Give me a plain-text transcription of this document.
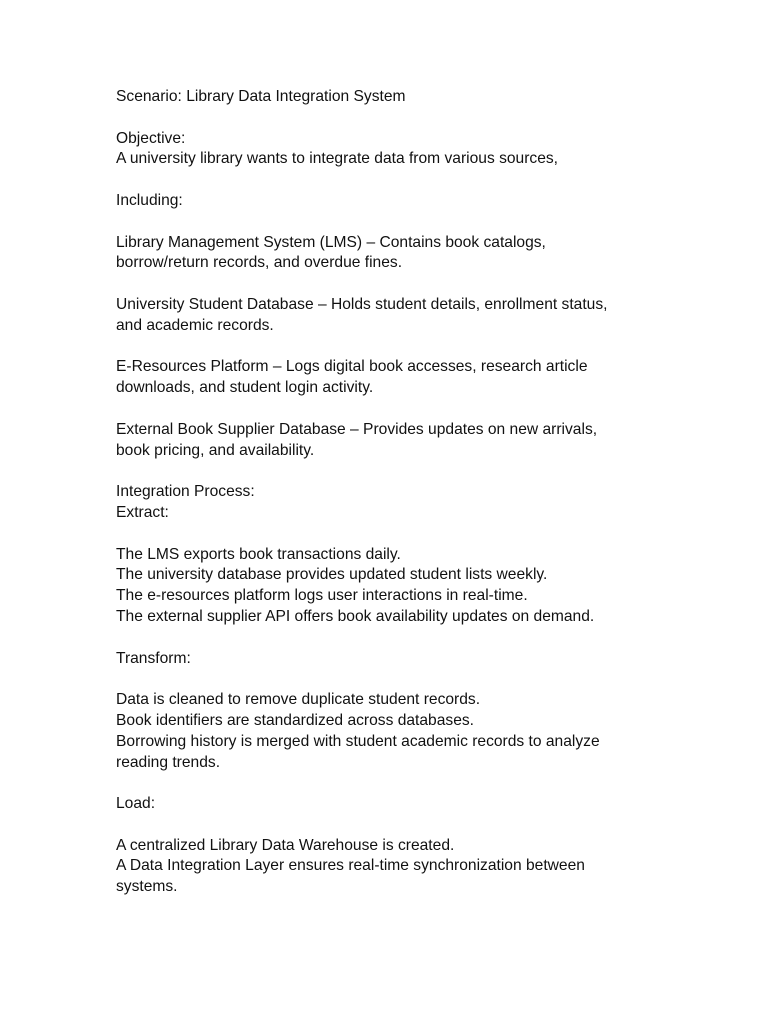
Scenario: Library Data Integration System
Objective:
A university library wants to integrate data from various sources,
Including:
Library Management System (LMS) – Contains book catalogs,
borrow/return records, and overdue fines.
University Student Database – Holds student details, enrollment status,
and academic records.
E-Resources Platform – Logs digital book accesses, research article
downloads, and student login activity.
External Book Supplier Database – Provides updates on new arrivals,
book pricing, and availability.
Integration Process:
Extract:
The LMS exports book transactions daily.
The university database provides updated student lists weekly.
The e-resources platform logs user interactions in real-time.
The external supplier API offers book availability updates on demand.
Transform:
Data is cleaned to remove duplicate student records.
Book identifiers are standardized across databases.
Borrowing history is merged with student academic records to analyze
reading trends.
Load:
A centralized Library Data Warehouse is created.
A Data Integration Layer ensures real-time synchronization between
systems.
